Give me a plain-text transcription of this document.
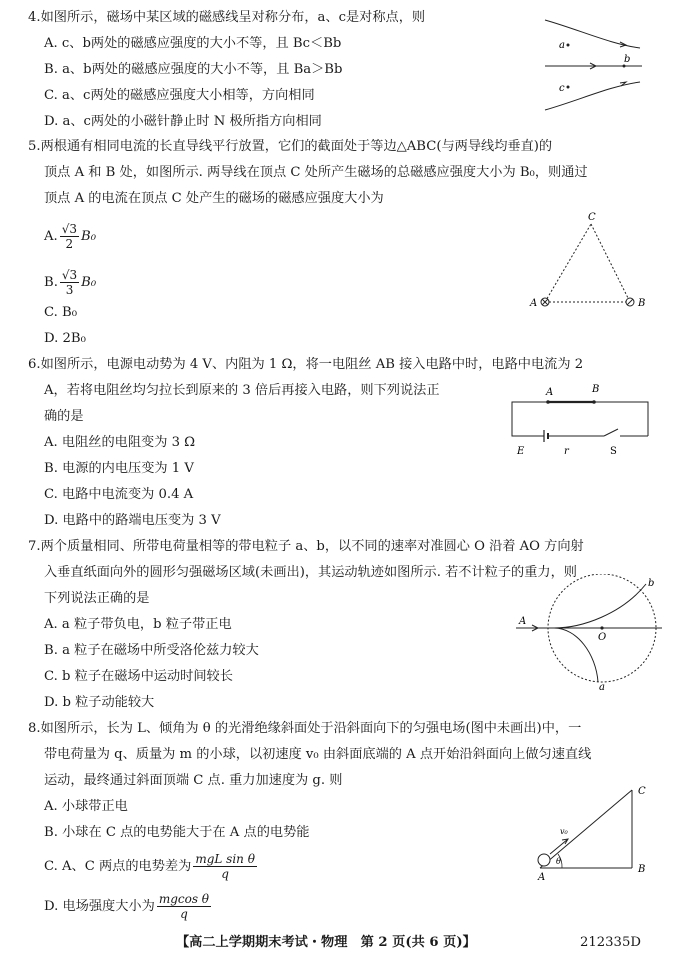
4.如图所示，磁场中某区域的磁感线呈对称分布，a、c是对称点，则
A. c、b两处的磁感应强度的大小不等，且 Bc＜Bb
B. a、b两处的磁感应强度的大小不等，且 Ba＞Bb
C. a、c两处的磁感应强度大小相等，方向相同
D. a、c两处的小磁针静止时 N 极所指方向相同
a
b
c
5.两根通有相同电流的长直导线平行放置，它们的截面处于等边△ABC(与两导线均垂直)的
顶点 A 和 B 处，如图所示. 两导线在顶点 C 处所产生磁场的总磁感应强度大小为 B₀，则通过
顶点 A 的电流在顶点 C 处产生的磁场的磁感应强度大小为
A. $\frac{√3}{2} B_0$
B. $\frac{√3}{3} B_0$
C. B₀
D. 2B₀
C
A	B
6.如图所示，电源电动势为 4 V、内阻为 1 Ω，将一电阻丝 AB 接入电路中时，电路中电流为 2
A，若将电阻丝均匀拉长到原来的 3 倍后再接入电路，则下列说法正
确的是
A. 电阻丝的电阻变为 3 Ω
B. 电源的内电压变为 1 V
C. 电路中电流变为 0.4 A
D. 电路中的路端电压变为 3 V
A	B
E	r	S
7.两个质量相同、所带电荷量相等的带电粒子 a、b，以不同的速率对准圆心 O 沿着 AO 方向射
入垂直纸面向外的圆形匀强磁场区域(未画出)，其运动轨迹如图所示. 若不计粒子的重力，则
下列说法正确的是
A. a 粒子带负电，b 粒子带正电
B. a 粒子在磁场中所受洛伦兹力较大
C. b 粒子在磁场中运动时间较长
D. b 粒子动能较大
A
O
b
a
8.如图所示，长为 L、倾角为 θ 的光滑绝缘斜面处于沿斜面向下的匀强电场(图中未画出)中，一
带电荷量为 q、质量为 m 的小球，以初速度 v₀ 由斜面底端的 A 点开始沿斜面向上做匀速直线
运动，最终通过斜面顶端 C 点. 重力加速度为 g. 则
A. 小球带正电
B. 小球在 C 点的电势能大于在 A 点的电势能
C. A、C 两点的电势差为 $\frac{\text{mgL sin θ}}{q}$
D. 电场强度大小为 $\frac{\text{mgcos θ}}{q}$
v₀
θ
A
B
C
【高二上学期期末考试・物理　第 2 页(共 6 页)】	212335D
